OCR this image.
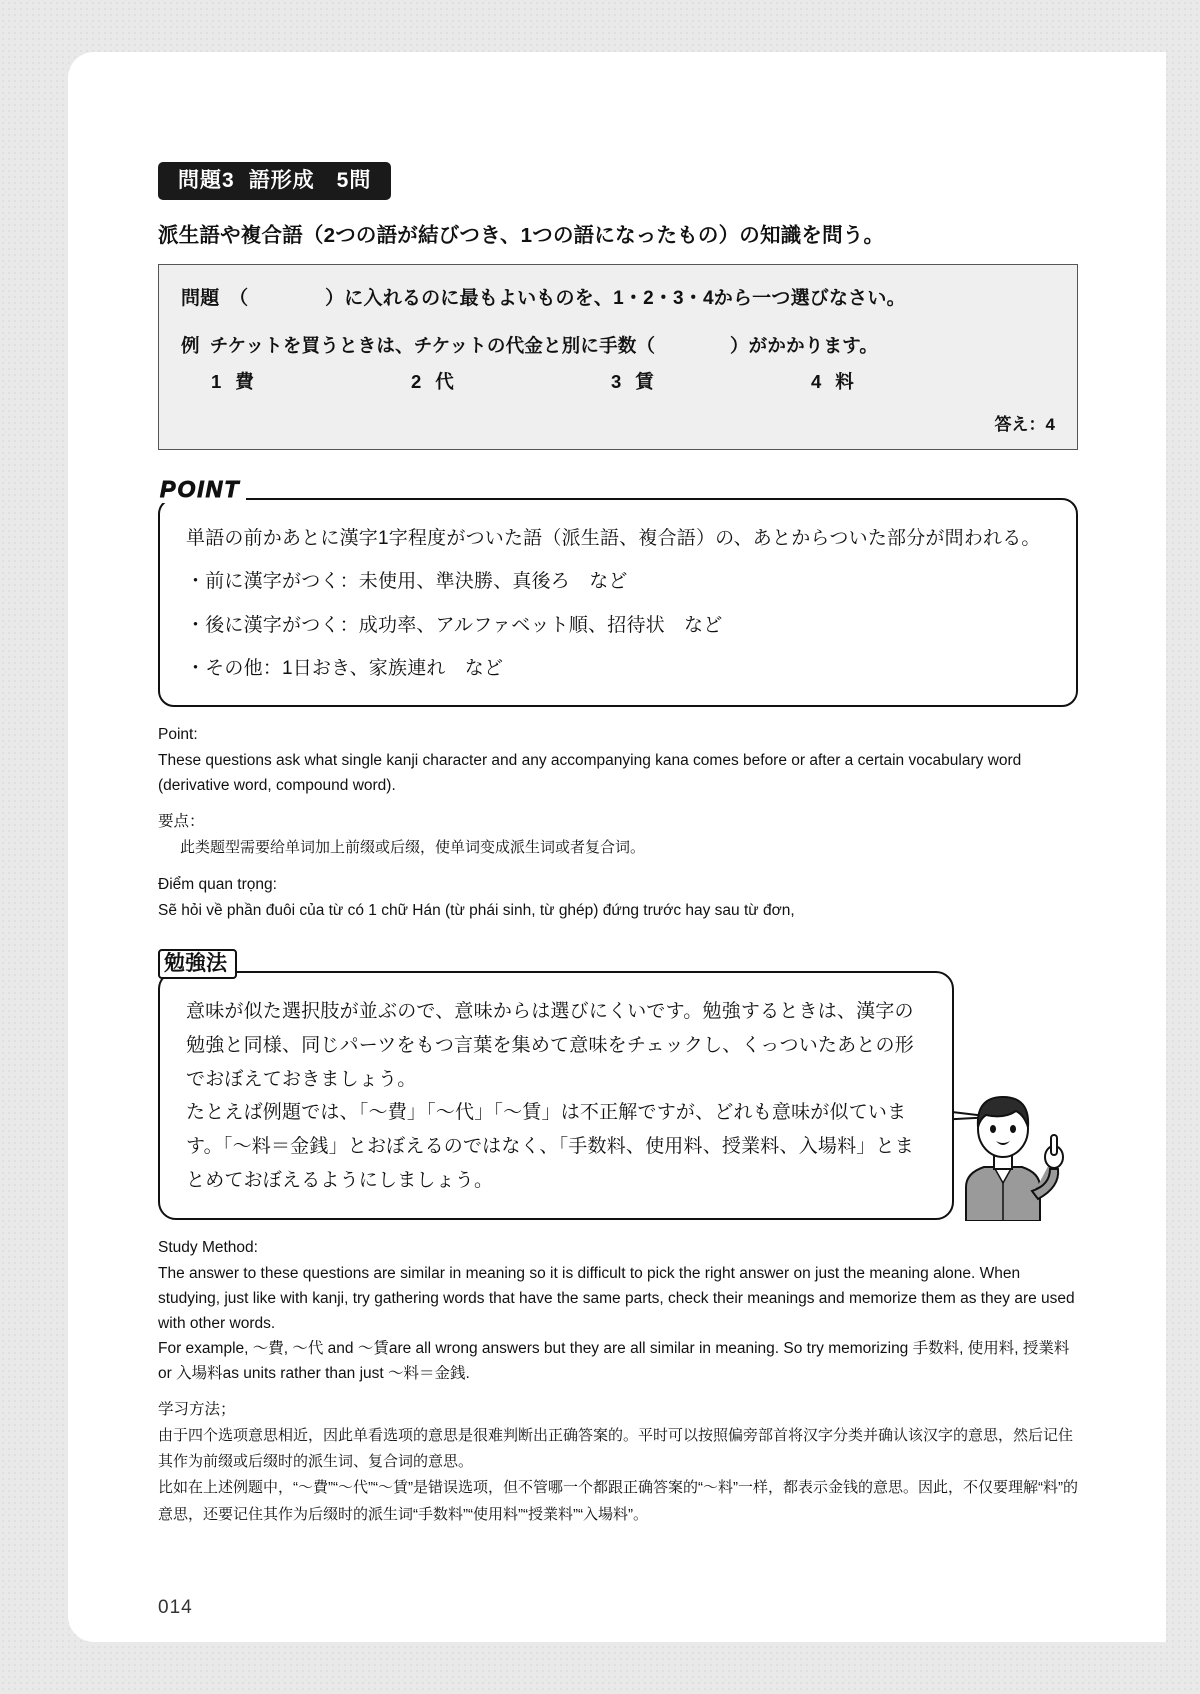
問題3 語形成　5問
派生語や複合語（2つの語が結びつき、1つの語になったもの）の知識を問う。
問題　（　　　　）に入れるのに最もよいものを、1・2・3・4から一つ選びなさい。
例 チケットを買うときは、チケットの代金と別に手数（　　　　）がかかります。
1 費	2 代	3 賃	4 料
答え：4
POINT

単語の前かあとに漢字1字程度がついた語（派生語、複合語）の、あとからついた部分が問われる。

・前に漢字がつく：未使用、準決勝、真後ろ　など

・後に漢字がつく：成功率、アルファベット順、招待状　など

・その他：1日おき、家族連れ　など

Point:
These questions ask what single kanji character and any accompanying kana comes before or after a certain vocabulary word (derivative word, compound word).
要点：
此类题型需要给单词加上前缀或后缀，使单词变成派生词或者复合词。
Điểm quan trọng:
Sẽ hỏi về phần đuôi của từ có 1 chữ Hán (từ phái sinh, từ ghép) đứng trước hay sau từ đơn,
勉強法

意味が似た選択肢が並ぶので、意味からは選びにくいです。勉強するときは、漢字の勉強と同様、同じパーツをもつ言葉を集めて意味をチェックし、くっついたあとの形でおぼえておきましょう。

たとえば例題では、「〜費」「〜代」「〜賃」は不正解ですが、どれも意味が似ています。「〜料＝金銭」とおぼえるのではなく、「手数料、使用料、授業料、入場料」とまとめておぼえるようにしましょう。

Study Method:
The answer to these questions are similar in meaning so it is difficult to pick the right answer on just the meaning alone. When studying, just like with kanji, try gathering words that have the same parts, check their meanings and memorize them as they are used with other words.
For example, 〜費, 〜代 and 〜賃are all wrong answers but they are all similar in meaning. So try memorizing 手数料, 使用料, 授業料 or 入場料as units rather than just 〜料＝金銭.
学习方法；
由于四个选项意思相近，因此单看选项的意思是很难判断出正确答案的。平时可以按照偏旁部首将汉字分类并确认该汉字的意思，然后记住其作为前缀或后缀时的派生词、复合词的意思。
比如在上述例题中，“〜費”“〜代”“〜賃”是错误选项，但不管哪一个都跟正确答案的“〜料”一样，都表示金钱的意思。因此，不仅要理解“料”的意思，还要记住其作为后缀时的派生词“手数料”“使用料”“授業料”“入場料”。
014
